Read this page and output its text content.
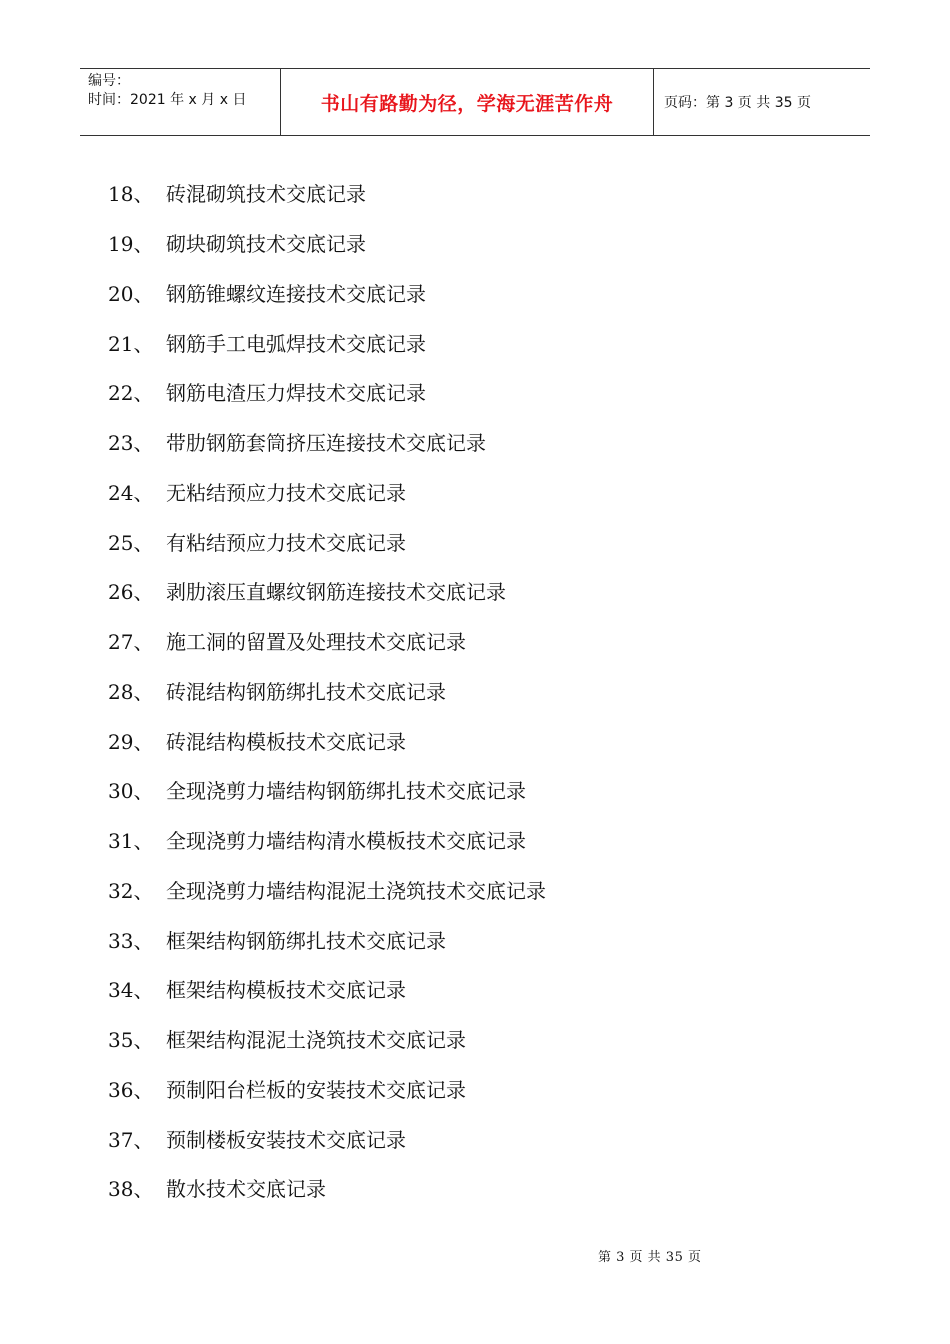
编号：
时间：2021 年 x 月 x 日	书山有路勤为径，学海无涯苦作舟	页码：第 3 页 共 35 页
18、 砖混砌筑技术交底记录
19、 砌块砌筑技术交底记录
20、 钢筋锥螺纹连接技术交底记录
21、 钢筋手工电弧焊技术交底记录
22、 钢筋电渣压力焊技术交底记录
23、 带肋钢筋套筒挤压连接技术交底记录
24、 无粘结预应力技术交底记录
25、 有粘结预应力技术交底记录
26、 剥肋滚压直螺纹钢筋连接技术交底记录
27、 施工洞的留置及处理技术交底记录
28、 砖混结构钢筋绑扎技术交底记录
29、 砖混结构模板技术交底记录
30、 全现浇剪力墙结构钢筋绑扎技术交底记录
31、 全现浇剪力墙结构清水模板技术交底记录
32、 全现浇剪力墙结构混泥土浇筑技术交底记录
33、 框架结构钢筋绑扎技术交底记录
34、 框架结构模板技术交底记录
35、 框架结构混泥土浇筑技术交底记录
36、 预制阳台栏板的安装技术交底记录
37、 预制楼板安装技术交底记录
38、 散水技术交底记录
第 3 页 共 35 页
